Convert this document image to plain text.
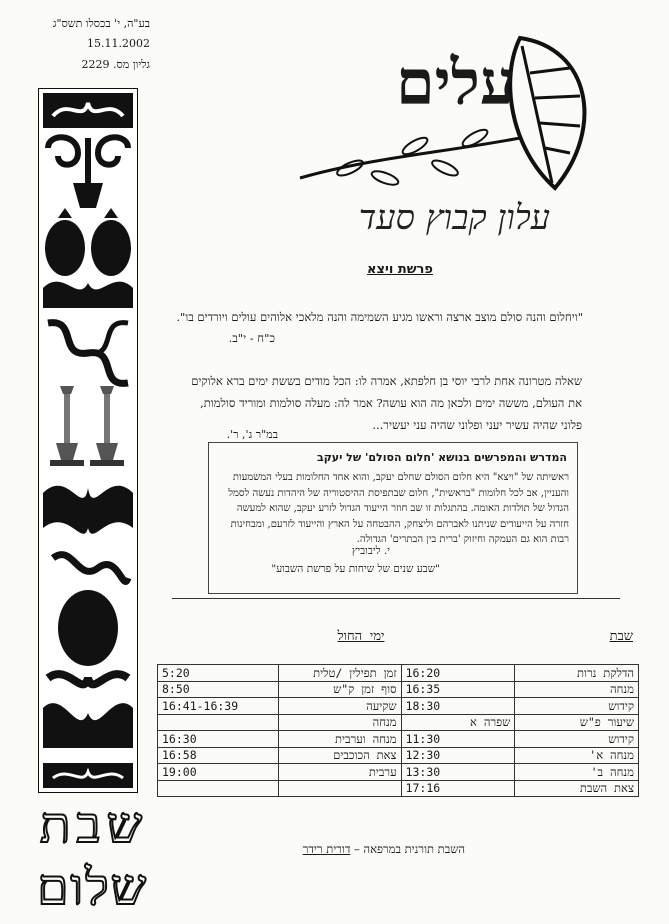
בע"ה, י' בכסלו תשס"ג
15.11.2002
גליון מס. 2229
שבת
שלום
עלים
עלון קבוץ סעד
פרשת ויצא
"ויחלום והנה סולם מוצב ארצה וראשו מגיע השמימה והנה מלאכי אלוהים עולים ויורדים בו".
כ"ח - י"ב.
שאלה מטרונה אחת לרבי יוסי בן חלפתא, אמרה לו: הכל מודים בששת ימים ברא אלוקים את העולם, מששה ימים ולכאן מה הוא עושה? אמר לה: מעלה סולמות ומוריד סולמות, פלוני שהיה עשיר יעני ופלוני שהיה עני יעשיר...
במ"ר ג', ר'.
המדרש והמפרשים בנושא 'חלום הסולם' של יעקב
ראשיתה של "ויצא" היא חלום הסולם שחלם יעקב, והוא אחד החלומות בעלי המשמעות והעניין, אב לכל חלומות "בראשית", חלום שבתפיסת ההיסטוריה של היהדות נעשה לסמל הגדול של תולדות האומה. בהתגלות זו שב חוזר הייעוד הגדול לזרע יעקב, שהוא למעשה חזרה על הייעודים שניתנו לאברהם וליצחק, ההבטחה על הארץ והייעוד לזרעם, ומבחינות רבות הוא גם העמקה וחיזוק 'ברית בין הבתרים' הגדולה.
י. ליבוביץ
"שבע שנים של שיחות על פרשת השבוע"
שבת
ימי החול
5:20	זמן תפילין /טלית	16:20	הדלקת נרות
8:50	סוף זמן ק"ש	16:35	מנחה
16:41-16:39	שקיעה	18:30	קידוש
	מנחה	שפרה א	שיעור פ"ש
16:30	מנחה וערבית	11:30	קידוש
16:58	צאת הכוכבים	12:30	מנחה א'
19:00	ערבית	13:30	מנחה ב'
		17:16	צאת השבת
השבת תורנית במרפאה – דורית רידר
